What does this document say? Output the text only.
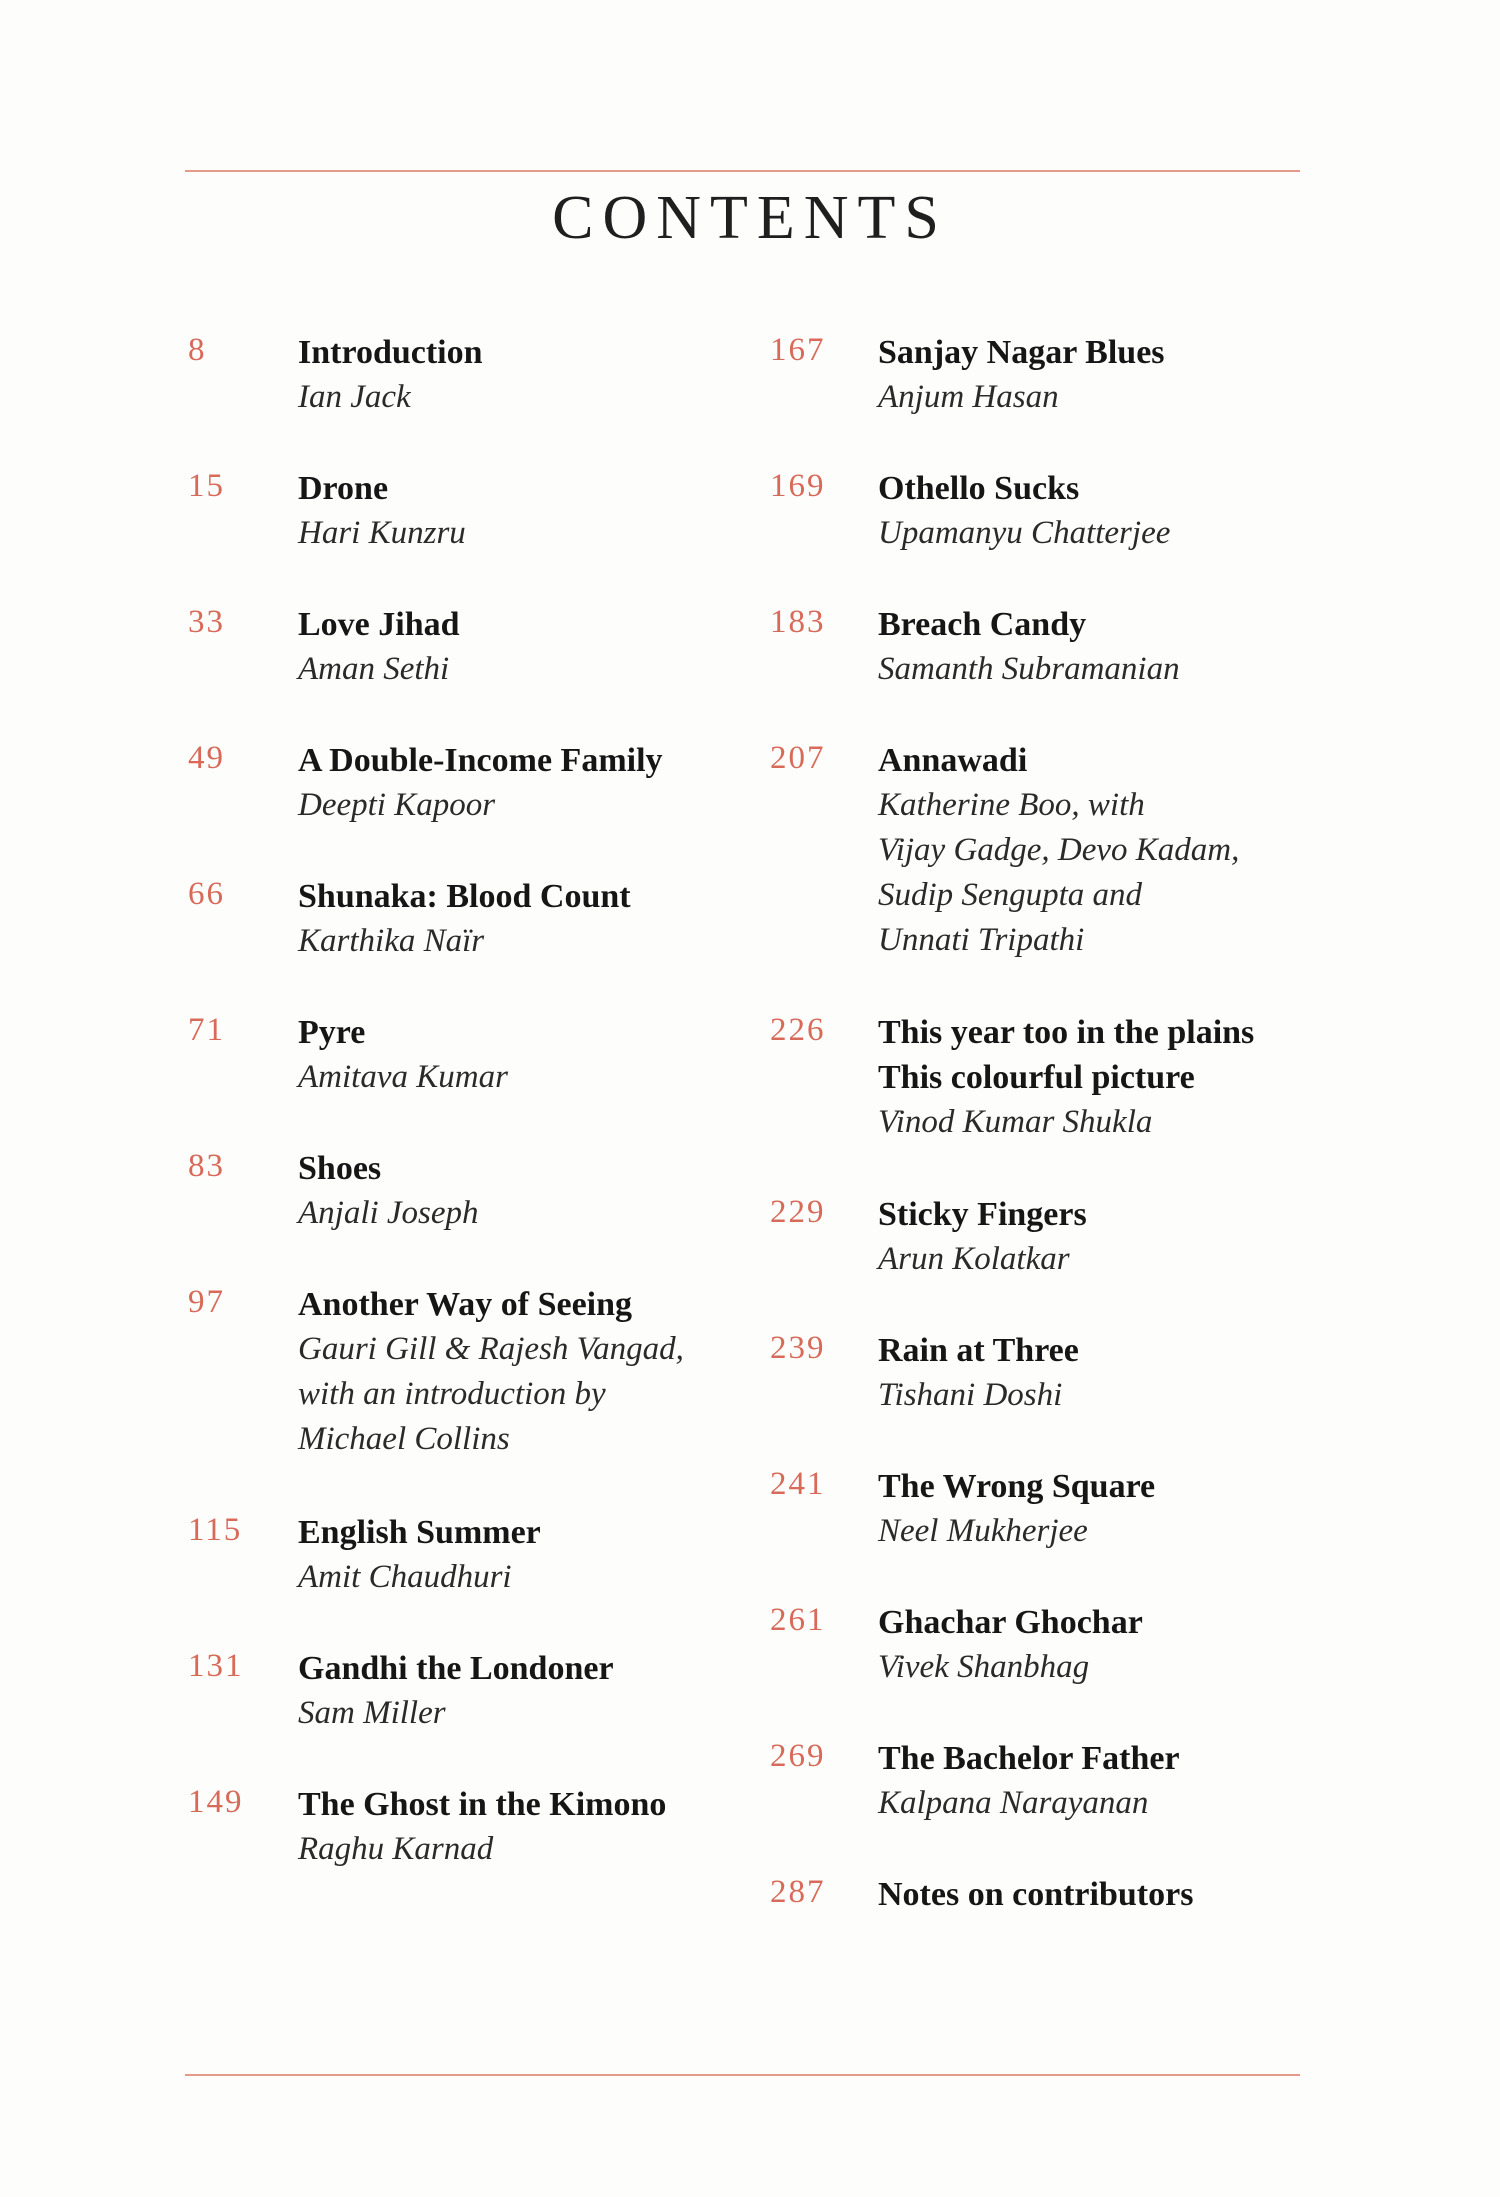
CONTENTS
8	Introduction
Ian Jack
15 Drone
Hari Kunzru
33 Love Jihad
Aman Sethi
49 A Double-Income Family
Deepti Kapoor
66 Shunaka: Blood Count
Karthika Naïr
71 Pyre
Amitava Kumar
83 Shoes
Anjali Joseph
97 Another Way of Seeing
Gauri Gill & Rajesh Vangad,
with an introduction by
Michael Collins
115 English Summer
Amit Chaudhuri
131 Gandhi the Londoner
Sam Miller
149 The Ghost in the Kimono
Raghu Karnad
167 Sanjay Nagar Blues
Anjum Hasan
169 Othello Sucks
Upamanyu Chatterjee
183 Breach Candy
Samanth Subramanian
207 Annawadi
Katherine Boo, with
Vijay Gadge, Devo Kadam,
Sudip Sengupta and
Unnati Tripathi
226 This year too in the plains
This colourful picture
Vinod Kumar Shukla
229 Sticky Fingers
Arun Kolatkar
239 Rain at Three
Tishani Doshi
241 The Wrong Square
Neel Mukherjee
261 Ghachar Ghochar
Vivek Shanbhag
269 The Bachelor Father
Kalpana Narayanan
287 Notes on contributors
